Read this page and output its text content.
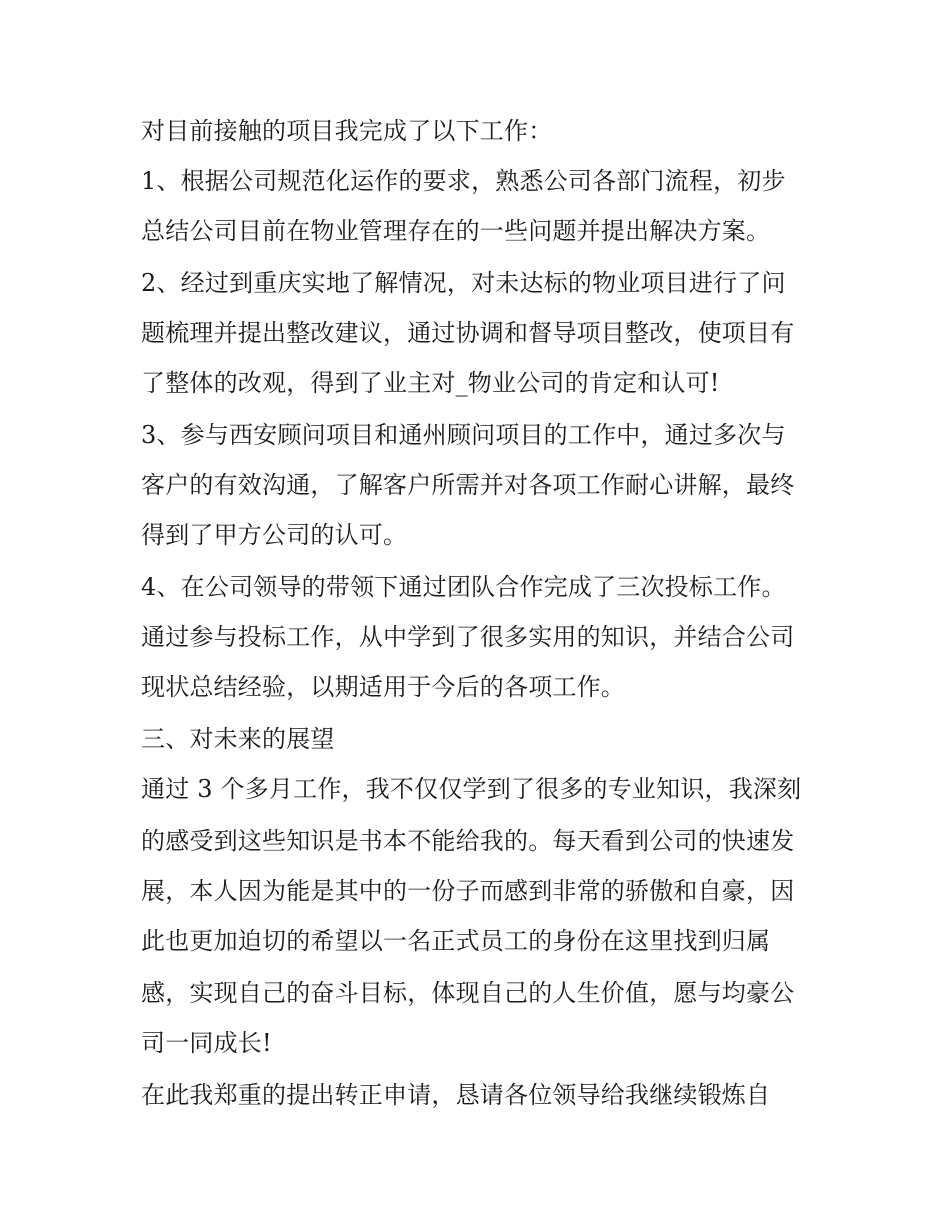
对目前接触的项目我完成了以下工作：
1、根据公司规范化运作的要求，熟悉公司各部门流程，初步
总结公司目前在物业管理存在的一些问题并提出解决方案。
2、经过到重庆实地了解情况，对未达标的物业项目进行了问
题梳理并提出整改建议，通过协调和督导项目整改，使项目有
了整体的改观，得到了业主对_物业公司的肯定和认可!
3、参与西安顾问项目和通州顾问项目的工作中，通过多次与
客户的有效沟通，了解客户所需并对各项工作耐心讲解，最终
得到了甲方公司的认可。
4、在公司领导的带领下通过团队合作完成了三次投标工作。
通过参与投标工作，从中学到了很多实用的知识，并结合公司
现状总结经验，以期适用于今后的各项工作。
三、对未来的展望
通过 3 个多月工作，我不仅仅学到了很多的专业知识，我深刻
的感受到这些知识是书本不能给我的。每天看到公司的快速发
展，本人因为能是其中的一份子而感到非常的骄傲和自豪，因
此也更加迫切的希望以一名正式员工的身份在这里找到归属
感，实现自己的奋斗目标，体现自己的人生价值，愿与均豪公
司一同成长!
在此我郑重的提出转正申请，恳请各位领导给我继续锻炼自
